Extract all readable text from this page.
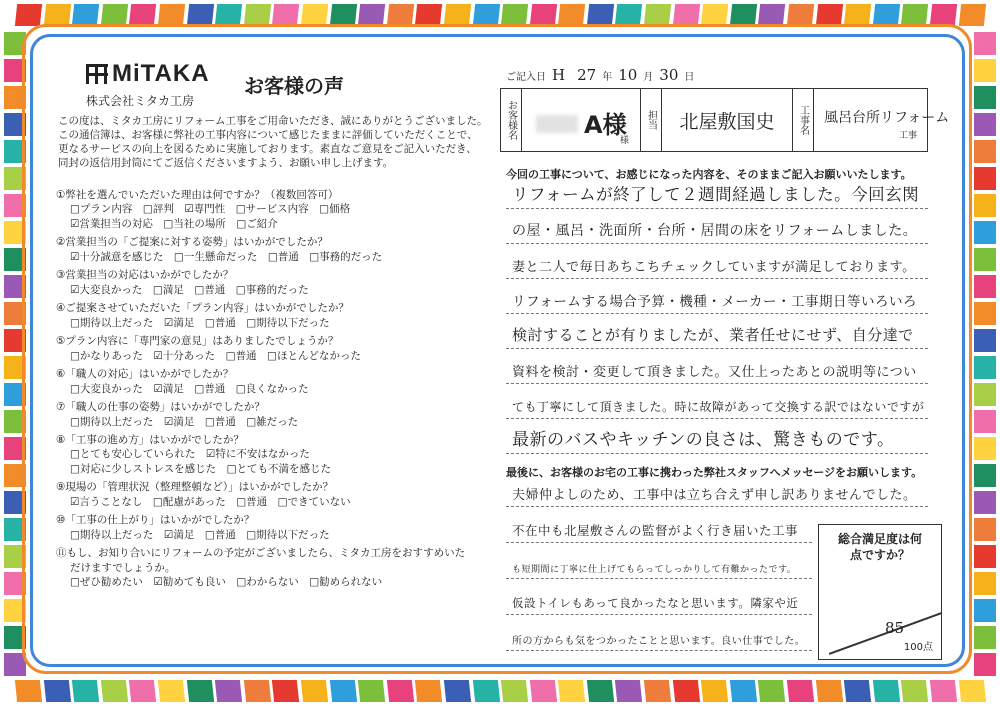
MiTAKA
株式会社ミタカ工房
お客様の声
この度は、ミタカ工房にリフォーム工事をご用命いただき、誠にありがとうございました。
この通信簿は、お客様に弊社の工事内容について感じたままに評価していただくことで、
更なるサービスの向上を図るために実施しております。素直なご意見をご記入いただき、
同封の返信用封筒にてご返信くださいますよう、お願い申し上げます。
①弊社を選んでいただいた理由は何ですか？（複数回答可）
□プラン内容　□評判　☑専門性　□サービス内容　□価格
☑営業担当の対応　□当社の場所　□ご紹介
②営業担当の「ご提案に対する姿勢」はいかがでしたか？
☑十分誠意を感じた　□一生懸命だった　□普通　□事務的だった
③営業担当の対応はいかがでしたか？
☑大変良かった　□満足　□普通　□事務的だった
④ご提案させていただいた「プラン内容」はいかがでしたか？
□期待以上だった　☑満足　□普通　□期待以下だった
⑤プラン内容に「専門家の意見」はありましたでしょうか？
□かなりあった　☑十分あった　□普通　□ほとんどなかった
⑥「職人の対応」はいかがでしたか？
□大変良かった　☑満足　□普通　□良くなかった
⑦「職人の仕事の姿勢」はいかがでしたか？
□期待以上だった　☑満足　□普通　□雑だった
⑧「工事の進め方」はいかがでしたか？
□とても安心していられた　☑特に不安はなかった
□対応に少しストレスを感じた　□とても不満を感じた
⑨現場の「管理状況（整理整頓など）」はいかがでしたか？
☑言うことなし　□配慮があった　□普通　□できていない
⑩「工事の仕上がり」はいかがでしたか？
□期待以上だった　☑満足　□普通　□期待以下だった
⑪もし、お知り合いにリフォームの予定がございましたら、ミタカ工房をおすすめいた
だけますでしょうか。
□ぜひ勧めたい　☑勧めても良い　□わからない　□勧められない
ご記入日 H 27 年 10 月 30 日
お客様名	A様
様
担当 北屋敷国史	工事名	風呂台所リフォーム
工事
今回の工事について、お感じになった内容を、そのままご記入お願いいたします。
リフォームが終了して２週間経過しました。今回玄関
の屋・風呂・洗面所・台所・居間の床をリフォームしました。
妻と二人で毎日あちこちチェックしていますが満足しております。
リフォームする場合予算・機種・メーカー・工事期日等いろいろ
検討することが有りましたが、業者任せにせず、自分達で
資料を検討・変更して頂きました。又仕上ったあとの説明等につい
ても丁寧にして頂きました。時に故障があって交換する訳ではないですが
最新のバスやキッチンの良さは、驚きものです。
最後に、お客様のお宅の工事に携わった弊社スタッフへメッセージをお願いします。
夫婦仲よしのため、工事中は立ち合えず申し訳ありませんでした。
不在中も北屋敷さんの監督がよく行き届いた工事
も短期間に丁寧に仕上げてもらってしっかりして有難かったです。
仮設トイレもあって良かったなと思います。隣家や近
所の方からも気をつかったことと思います。良い仕事でした。
総合満足度は何点ですか？
85
100点
